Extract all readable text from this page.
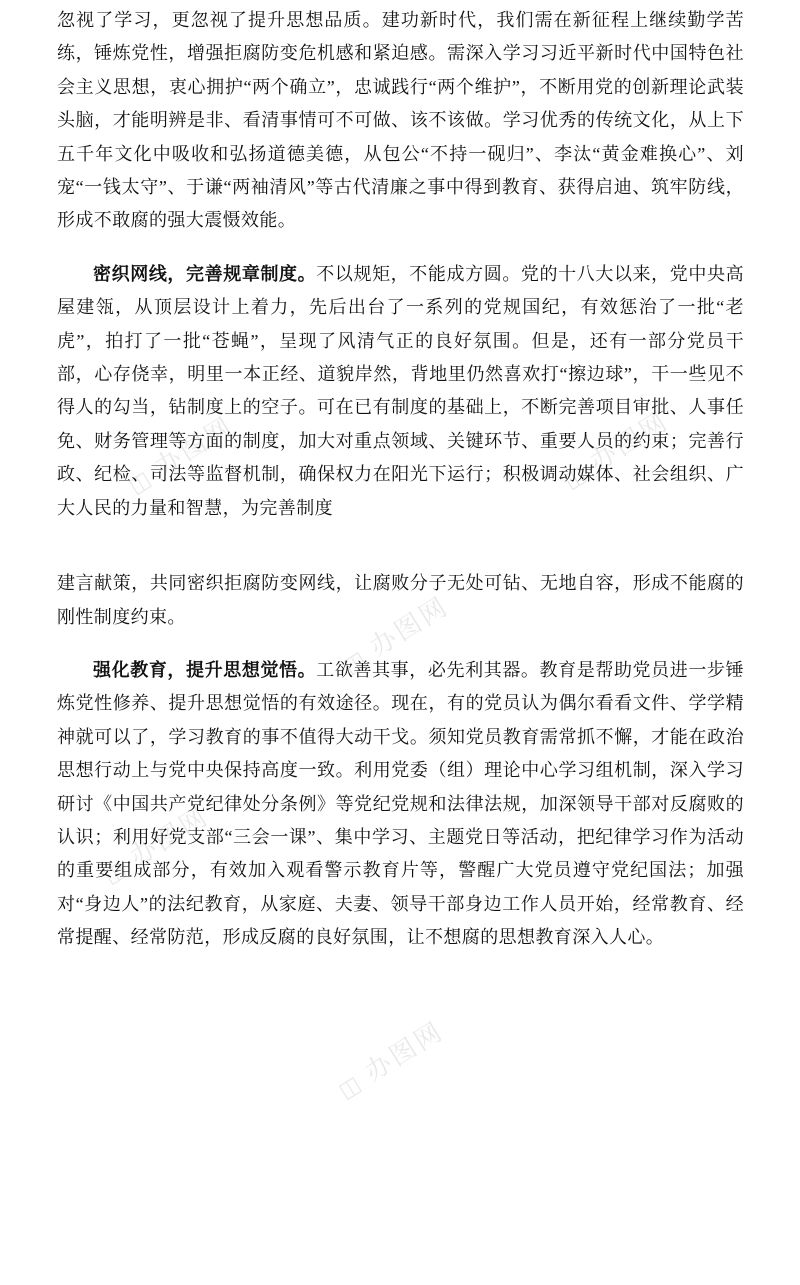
◫ 办图网	◫ 办图网
◫ 办图网
◫ 办图网
◫ 办图网

忽视了学习，更忽视了提升思想品质。建功新时代，我们需在新征程上继续勤学苦练，锤炼党性，增强拒腐防变危机感和紧迫感。需深入学习习近平新时代中国特色社会主义思想，衷心拥护“两个确立”，忠诚践行“两个维护”，不断用党的创新理论武装头脑，才能明辨是非、看清事情可不可做、该不该做。学习优秀的传统文化，从上下五千年文化中吸收和弘扬道德美德，从包公“不持一砚归”、李汰“黄金难换心”、刘宠“一钱太守”、于谦“两袖清风”等古代清廉之事中得到教育、获得启迪、筑牢防线，形成不敢腐的强大震慑效能。

密织网线，完善规章制度。不以规矩，不能成方圆。党的十八大以来，党中央高屋建瓴，从顶层设计上着力，先后出台了一系列的党规国纪，有效惩治了一批“老虎”，拍打了一批“苍蝇”，呈现了风清气正的良好氛围。但是，还有一部分党员干部，心存侥幸，明里一本正经、道貌岸然，背地里仍然喜欢打“擦边球”，干一些见不得人的勾当，钻制度上的空子。可在已有制度的基础上，不断完善项目审批、人事任免、财务管理等方面的制度，加大对重点领域、关键环节、重要人员的约束；完善行政、纪检、司法等监督机制，确保权力在阳光下运行；积极调动媒体、社会组织、广大人民的力量和智慧，为完善制度

建言献策，共同密织拒腐防变网线，让腐败分子无处可钻、无地自容，形成不能腐的刚性制度约束。

强化教育，提升思想觉悟。工欲善其事，必先利其器。教育是帮助党员进一步锤炼党性修养、提升思想觉悟的有效途径。现在，有的党员认为偶尔看看文件、学学精神就可以了，学习教育的事不值得大动干戈。须知党员教育需常抓不懈，才能在政治思想行动上与党中央保持高度一致。利用党委（组）理论中心学习组机制，深入学习研讨《中国共产党纪律处分条例》等党纪党规和法律法规，加深领导干部对反腐败的认识；利用好党支部“三会一课”、集中学习、主题党日等活动，把纪律学习作为活动的重要组成部分，有效加入观看警示教育片等，警醒广大党员遵守党纪国法；加强对“身边人”的法纪教育，从家庭、夫妻、领导干部身边工作人员开始，经常教育、经常提醒、经常防范，形成反腐的良好氛围，让不想腐的思想教育深入人心。
